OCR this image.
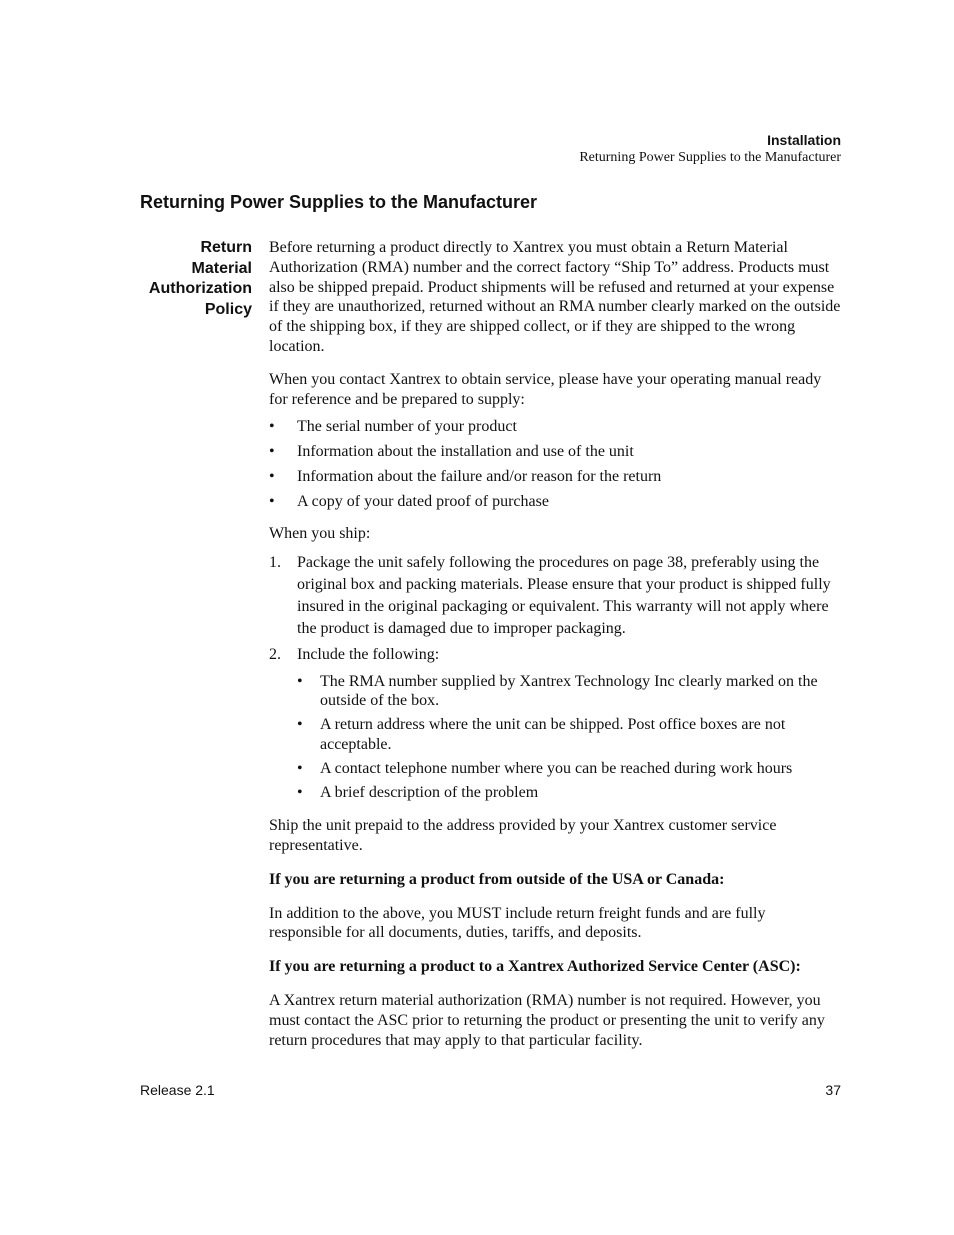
Installation
Returning Power Supplies to the Manufacturer
Returning Power Supplies to the Manufacturer
Return
Material
Authorization
Policy

Before returning a product directly to Xantrex you must obtain a Return Material Authorization (RMA) number and the correct factory “Ship To” address. Products must also be shipped prepaid. Product shipments will be refused and returned at your expense if they are unauthorized, returned without an RMA number clearly marked on the outside of the shipping box, if they are shipped collect, or if they are shipped to the wrong location.

When you contact Xantrex to obtain service, please have your operating manual ready for reference and be prepared to supply:

• The serial number of your product
• Information about the installation and use of the unit
• Information about the failure and/or reason for the return
• A copy of your dated proof of purchase

When you ship:

1. Package the unit safely following the procedures on page 38, preferably using the original box and packing materials. Please ensure that your product is shipped fully insured in the original packaging or equivalent. This warranty will not apply where the product is damaged due to improper packaging.
2. Include the following:
• The RMA number supplied by Xantrex Technology Inc clearly marked on the outside of the box.
• A return address where the unit can be shipped. Post office boxes are not acceptable.
• A contact telephone number where you can be reached during work hours
• A brief description of the problem

Ship the unit prepaid to the address provided by your Xantrex customer service representative.

If you are returning a product from outside of the USA or Canada:

In addition to the above, you MUST include return freight funds and are fully responsible for all documents, duties, tariffs, and deposits.

If you are returning a product to a Xantrex Authorized Service Center (ASC):

A Xantrex return material authorization (RMA) number is not required. However, you must contact the ASC prior to returning the product or presenting the unit to verify any return procedures that may apply to that particular facility.

Release 2.1	37
